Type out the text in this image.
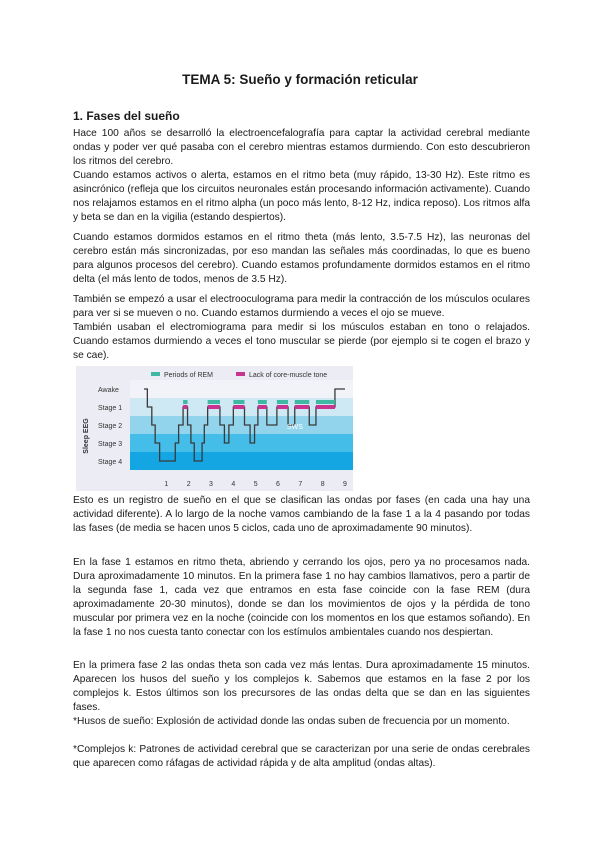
TEMA 5: Sueño y formación reticular
1. Fases del sueño

Hace 100 años se desarrolló la electroencefalografía para captar la actividad cerebral mediante ondas y poder ver qué pasaba con el cerebro mientras estamos durmiendo. Con esto descubrieron los ritmos del cerebro.

Cuando estamos activos o alerta, estamos en el ritmo beta (muy rápido, 13-30 Hz). Este ritmo es asincrónico (refleja que los circuitos neuronales están procesando información activamente). Cuando nos relajamos estamos en el ritmo alpha (un poco más lento, 8-12 Hz, indica reposo). Los ritmos alfa y beta se dan en la vigilia (estando despiertos).

Cuando estamos dormidos estamos en el ritmo theta (más lento, 3.5-7.5 Hz), las neuronas del cerebro están más sincronizadas, por eso mandan las señales más coordinadas, lo que es bueno para algunos procesos del cerebro). Cuando estamos profundamente dormidos estamos en el ritmo delta (el más lento de todos, menos de 3.5 Hz).

También se empezó a usar el electrooculograma para medir la contracción de los músculos oculares para ver si se mueven o no. Cuando estamos durmiendo a veces el ojo se mueve.

También usaban el electromiograma para medir si los músculos estaban en tono o relajados. Cuando estamos durmiendo a veces el tono muscular se pierde (por ejemplo si te cogen el brazo y se cae).

Awake
Stage 1
Stage 2
Stage 3
Stage 4
Sleep EEG
Periods of REM	Lack of core-muscle tone
SWS
1	2	3	4	5	6	7	8	9

Esto es un registro de sueño en el que se clasifican las ondas por fases (en cada una hay una actividad diferente). A lo largo de la noche vamos cambiando de la fase 1 a la 4 pasando por todas las fases (de media se hacen unos 5 ciclos, cada uno de aproximadamente 90 minutos).

En la fase 1 estamos en ritmo theta, abriendo y cerrando los ojos, pero ya no procesamos nada. Dura aproximadamente 10 minutos. En la primera fase 1 no hay cambios llamativos, pero a partir de la segunda fase 1, cada vez que entramos en esta fase coincide con la fase REM (dura aproximadamente 20-30 minutos), donde se dan los movimientos de ojos y la pérdida de tono muscular por primera vez en la noche (coincide con los momentos en los que estamos soñando). En la fase 1 no nos cuesta tanto conectar con los estímulos ambientales cuando nos despiertan.

En la primera fase 2 las ondas theta son cada vez más lentas. Dura aproximadamente 15 minutos. Aparecen los husos del sueño y los complejos k. Sabemos que estamos en la fase 2 por los complejos k. Estos últimos son los precursores de las ondas delta que se dan en las siguientes fases.

*Husos de sueño: Explosión de actividad donde las ondas suben de frecuencia por un momento.

*Complejos k: Patrones de actividad cerebral que se caracterizan por una serie de ondas cerebrales que aparecen como ráfagas de actividad rápida y de alta amplitud (ondas altas).
